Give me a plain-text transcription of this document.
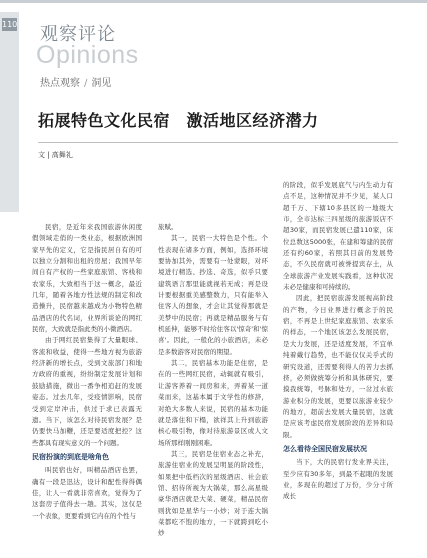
110 观察评论
Opinions
热点观察 / 洞见
拓展特色文化民宿　激活地区经济潜力
文 | 高舞礼

民宿，是近年来我国旅游休闲度假领域走俏的一类业态，根据欧洲国家早先的定义，它是指民居自有的可以独立分割和出租的房屋；我国早年间自有产权的一些家庭旅馆、客栈和农家乐，大致相当于这一概念，最近几年，随着各地方性法规的制定和改造操升，民宿越来越成为小物特色精品酒店的代名词，业界所谈论的网红民宿，大致就是指此类的小微酒店。

由于网红民宿集得了大量眼球、客流和收益，使得一些地方视为旅游经济新的增长点，受到文旅部门和地方政府的重视，纷纷制定发展计划和鼓励措施，微出一番争相追赶的发展姿态。过去几年，受疫情影响，民宿受到定岸冲击，供过于求已表露无遗。当下，该怎么对待民宿发展？是仍要快马加鞭，还是要适度把控？这些都具有现实意义的一个问题。

民宿扮演的到底是啥角色

叫民宿也好，叫精品酒店也罢，确有一段是迅达，设计和配性得得偶佳，让人一看就非常喜欢，觉得为了这套房子值得去一趟。其实，这仅是一个表象，更要看到它内在的个性与

旅赋。

其一，民宿一大特色是个性。个性表现在诸多方面，例如，选择环境要协加其外，需要有一处蒙眼，对环境进行精选、抄选、奇选，似乎只要建筑语言那里能就视若无成；再是设计要根据重美感整数力，只有能举入住客人的想象，才会让其觉得那就是美梦中的民宿；再就是精品服务与有机延伸，能够不时给住客以'惊奇'和'惊喜'。因此，一般化的小旅酒店，未必是多数游客对民宿的期望。

其二，民宿基本功能是住宿，是在的一些网红民宿，动辄就有吸引，让游客养着一间房和来，弄着某一道菜而来，这基本属于文学性的修辞，对绝大多数人来说，民宿的基本功能就是落住和下榻，欲祥其上升到旅游核心吸引物，像对待旅游景区或人文场所那样刚刚困难。

其三，民宿是住宿业态之补充，旅游住宿业的发展呈明显的阶段性，如果把中低档次的星级酒店、社会旅馆、招待所视为大锅菜，那么高星级豪华酒店就是大菜、硬菜，精品民宿则犹如是星华与一小炒；对于连大锅菜都吃不饱的地方，一下就跨到吃小炒

的阶段，似乎发展底气与内生动力有点不足，这种情况并不少见，某人口超千万、下辖10多县区的一地级大市，全市达标三四星级的旅游饭店不超30家，而民宿发展已遣110家，床位总数这5000张，在建和筹建的民宿还有约60家，若照其目前的发展势态，不久民宿就可被誉提宾存土，从全球旅游产业发展实践看，这种状况未必是健康和可持续的。

因此，把民宿旅游发展视高阶段的产物，今日业界进行概念于的民宿，不再是上世纪家庭旅馆、农家乐的样态，一个地区该怎么发展民宿，是大力发展，还是适度发展，不宜单纯着戴行趋势，也不能仅仅关乎式的研究设道，还需要利得人的苦力去抓挤，必须做统筹分析和具体研究，要摸我统筹，号脉和处方，一岔过水旅游业积分的发展，更要以旅游业较少的地方，超前去发展大量民宿，这就是应该考虑民宿发展阶段的差异和局限。

怎么看待全国民宿发展状况

当下，大的民宿行发业界关注，至少应有30多年，到最不起眼的发展业，多现在的超过了万份，少分寸所成长
